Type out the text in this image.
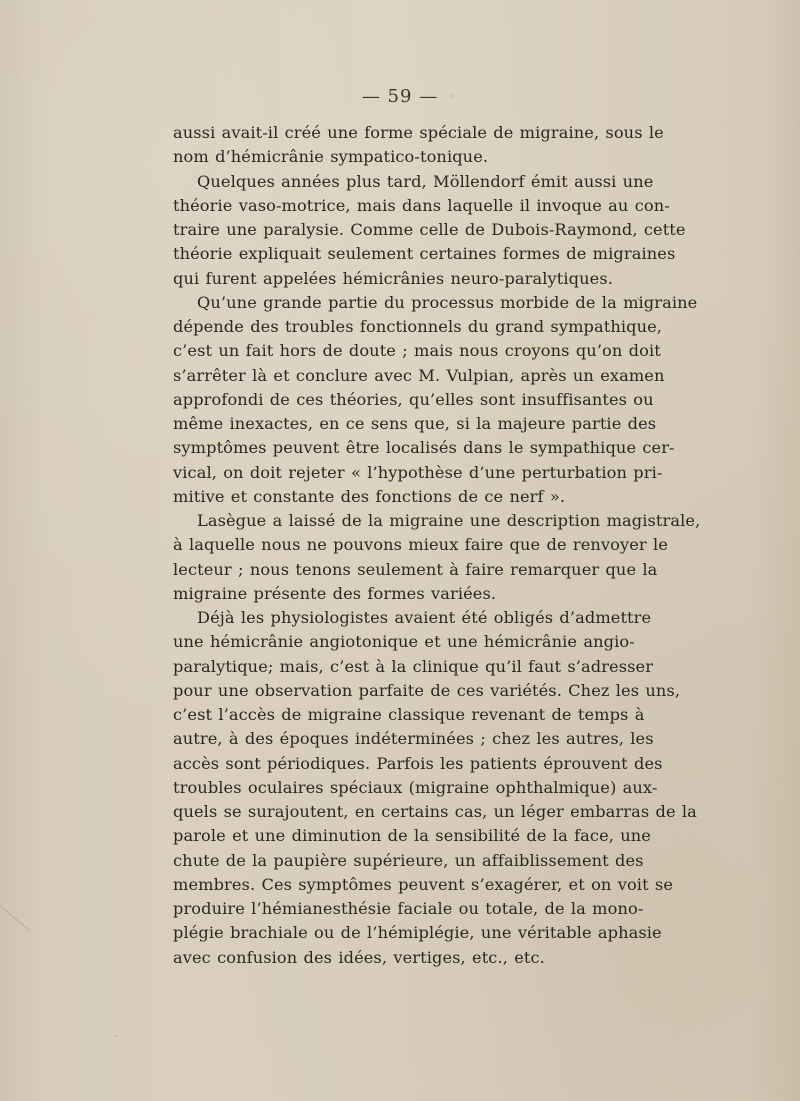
— 59 —
aussi avait-il créé une forme spéciale de migraine, sous le
nom d’hémicrânie sympatico-tonique.
Quelques années plus tard, Möllendorf émit aussi une
théorie vaso-motrice, mais dans laquelle il invoque au con-
traire une paralysie. Comme celle de Dubois-Raymond, cette
théorie expliquait seulement certaines formes de migraines
qui furent appelées hémicrânies neuro-paralytiques.
Qu’une grande partie du processus morbide de la migraine
dépende des troubles fonctionnels du grand sympathique,
c’est un fait hors de doute ; mais nous croyons qu’on doit
s’arrêter là et conclure avec M. Vulpian, après un examen
approfondi de ces théories, qu’elles sont insuffisantes ou
même inexactes, en ce sens que, si la majeure partie des
symptômes peuvent être localisés dans le sympathique cer-
vical, on doit rejeter « l’hypothèse d’une perturbation pri-
mitive et constante des fonctions de ce nerf ».
Lasègue a laissé de la migraine une description magistrale,
à laquelle nous ne pouvons mieux faire que de renvoyer le
lecteur ; nous tenons seulement à faire remarquer que la
migraine présente des formes variées.
Déjà les physiologistes avaient été obligés d’admettre
une hémicrânie angiotonique et une hémicrânie angio-
paralytique; mais, c’est à la clinique qu’il faut s’adresser
pour une observation parfaite de ces variétés. Chez les uns,
c’est l’accès de migraine classique revenant de temps à
autre, à des époques indéterminées ; chez les autres, les
accès sont périodiques. Parfois les patients éprouvent des
troubles oculaires spéciaux (migraine ophthalmique) aux-
quels se surajoutent, en certains cas, un léger embarras de la
parole et une diminution de la sensibilité de la face, une
chute de la paupière supérieure, un affaiblissement des
membres. Ces symptômes peuvent s’exagérer, et on voit se
produire l’hémianesthésie faciale ou totale, de la mono-
plégie brachiale ou de l’hémiplégie, une véritable aphasie
avec confusion des idées, vertiges, etc., etc.
